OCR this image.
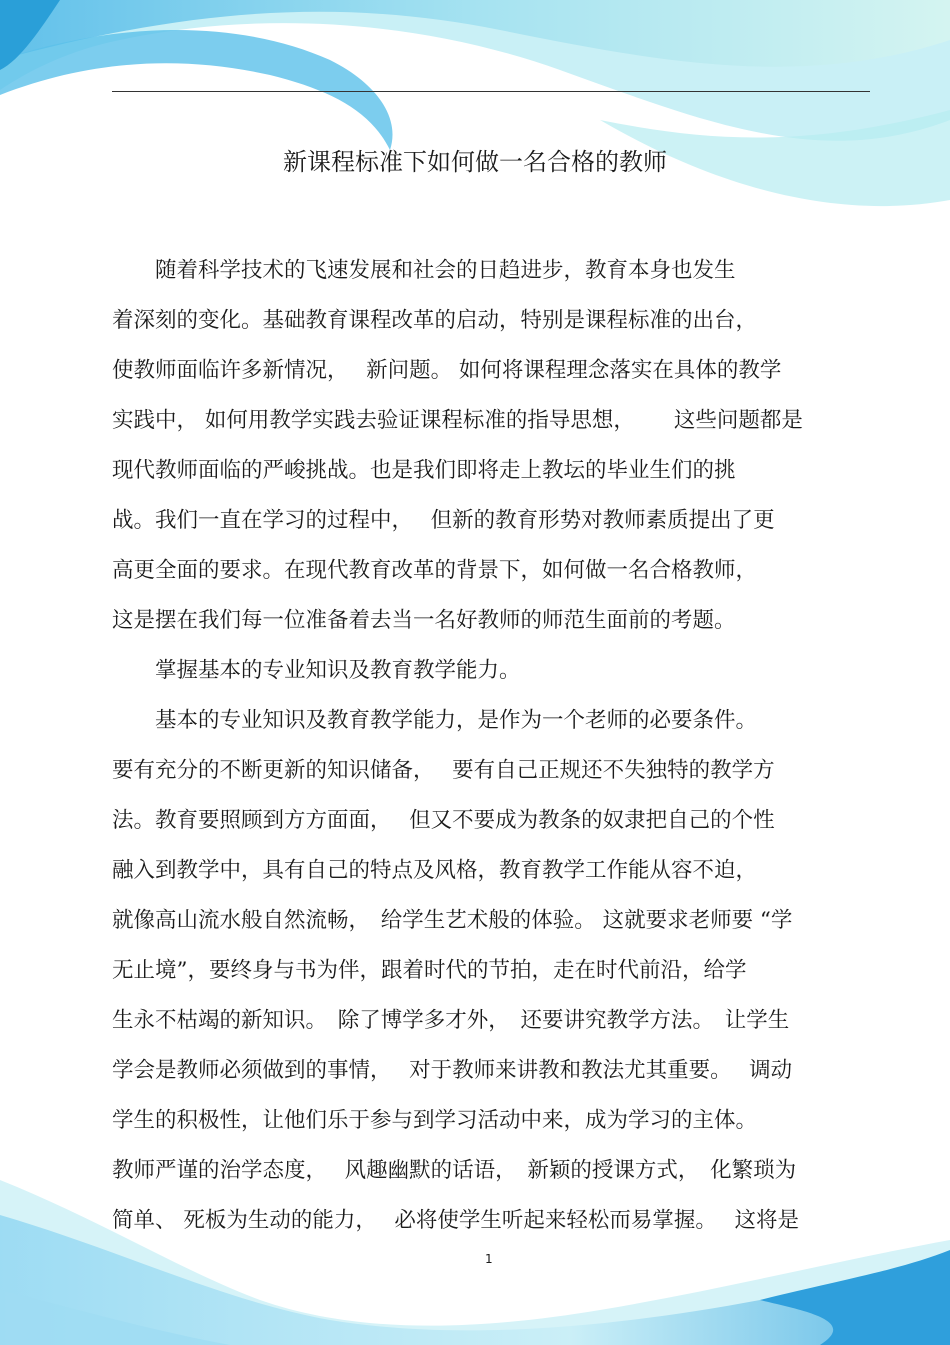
新课程标准下如何做一名合格的教师
　　随着科学技术的飞速发展和社会的日趋进步，教育本身也发生
着深刻的变化。基础教育课程改革的启动，特别是课程标准的出台，
使教师面临许多新情况，　 新问题。 如何将课程理念落实在具体的教学
实践中， 如何用教学实践去验证课程标准的指导思想，　　 这些问题都是
现代教师面临的严峻挑战。也是我们即将走上教坛的毕业生们的挑
战。我们一直在学习的过程中，　 但新的教育形势对教师素质提出了更
高更全面的要求。在现代教育改革的背景下，如何做一名合格教师，
这是摆在我们每一位准备着去当一名好教师的师范生面前的考题。
　　掌握基本的专业知识及教育教学能力。
　　基本的专业知识及教育教学能力，是作为一个老师的必要条件。
要有充分的不断更新的知识储备，　 要有自己正规还不失独特的教学方
法。教育要照顾到方方面面，　 但又不要成为教条的奴隶把自己的个性
融入到教学中，具有自己的特点及风格，教育教学工作能从容不迫，
就像高山流水般自然流畅，　给学生艺术般的体验。 这就要求老师要 “学
无止境”，要终身与书为伴，跟着时代的节拍，走在时代前沿，给学
生永不枯竭的新知识。　除了博学多才外，　还要讲究教学方法。　让学生
学会是教师必须做到的事情，　 对于教师来讲教和教法尤其重要。　 调动
学生的积极性，让他们乐于参与到学习活动中来，成为学习的主体。
教师严谨的治学态度，　 风趣幽默的话语，　新颖的授课方式，　化繁琐为
简单、 死板为生动的能力，　 必将使学生听起来轻松而易掌握。　 这将是
1
